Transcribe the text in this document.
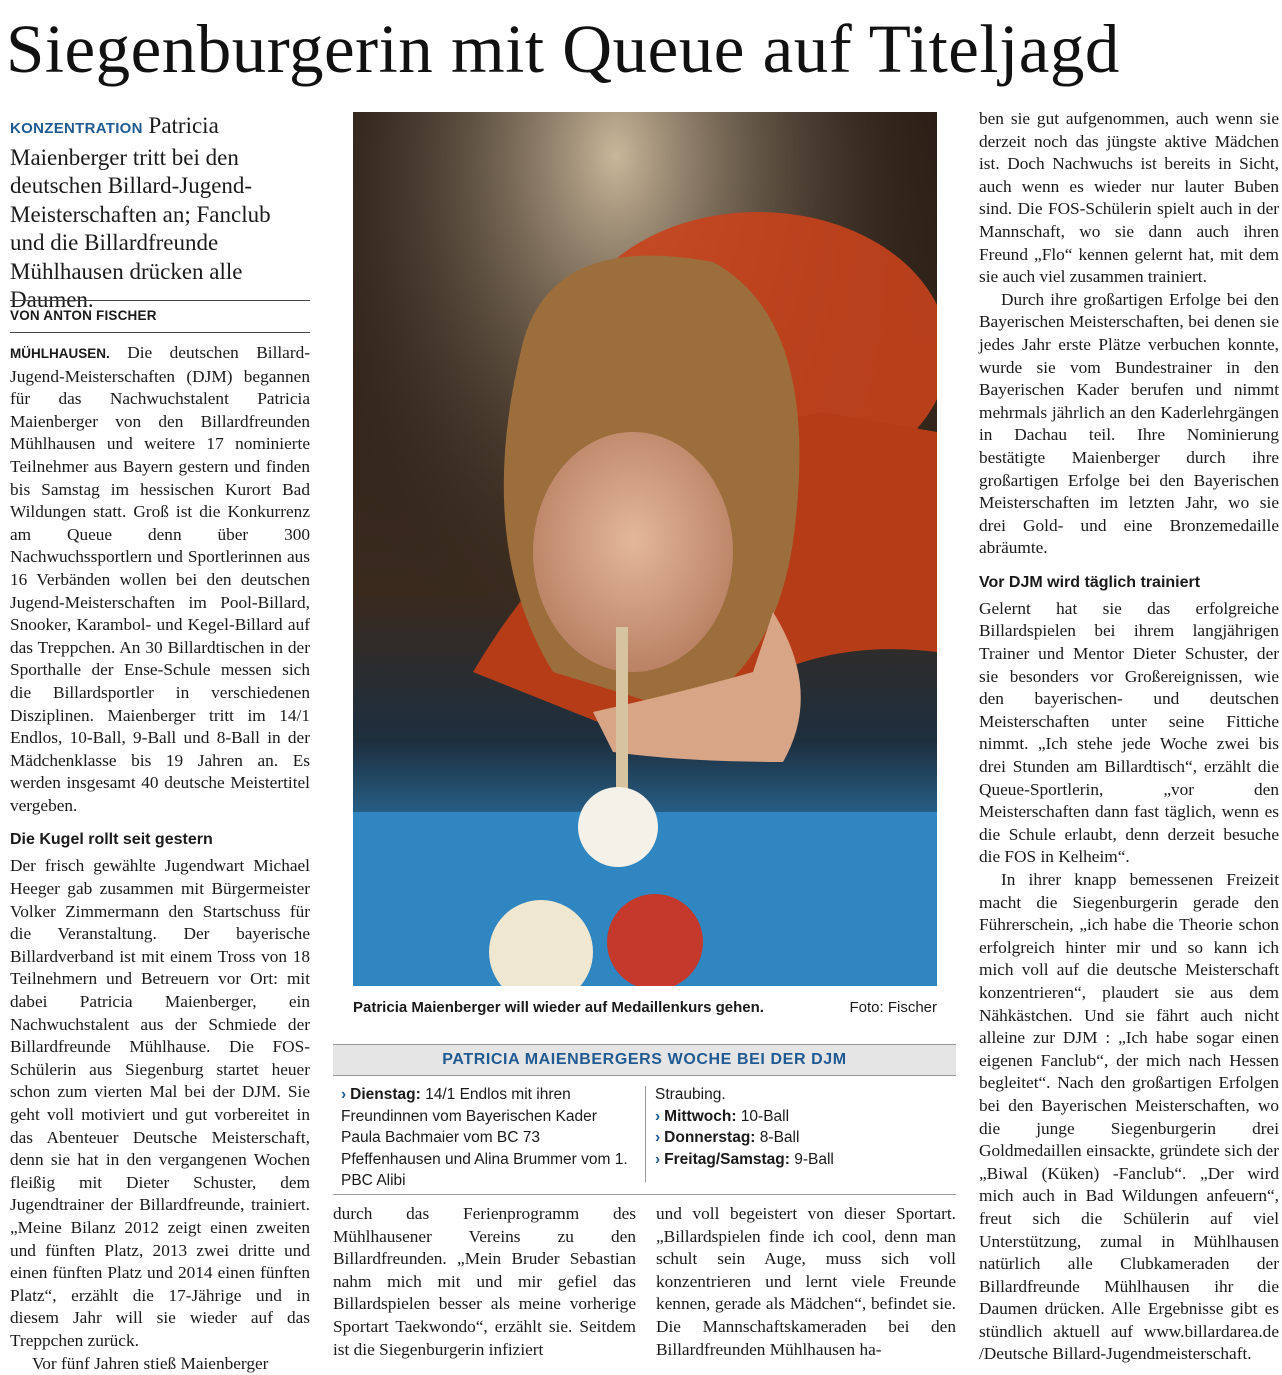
Siegenburgerin mit Queue auf Titeljagd
KONZENTRATION Patricia Maienberger tritt bei den deutschen Billard-Jugend-Meisterschaften an; Fanclub und die Billardfreunde Mühlhausen drücken alle Daumen.
VON ANTON FISCHER

MÜHLHAUSEN. Die deutschen Billard-Jugend-Meisterschaften (DJM) begannen für das Nachwuchstalent Patricia Maienberger von den Billardfreunden Mühlhausen und weitere 17 nominierte Teilnehmer aus Bayern gestern und finden bis Samstag im hessischen Kurort Bad Wildungen statt. Groß ist die Konkurrenz am Queue denn über 300 Nachwuchssportlern und Sportlerinnen aus 16 Verbänden wollen bei den deutschen Jugend-Meisterschaften im Pool-Billard, Snooker, Karambol- und Kegel-Billard auf das Treppchen. An 30 Billardtischen in der Sporthalle der Ense-Schule messen sich die Billardsportler in verschiedenen Disziplinen. Maienberger tritt im 14/1 Endlos, 10-Ball, 9-Ball und 8-Ball in der Mädchenklasse bis 19 Jahren an. Es werden insgesamt 40 deutsche Meistertitel vergeben.

Die Kugel rollt seit gestern

Der frisch gewählte Jugendwart Michael Heeger gab zusammen mit Bürgermeister Volker Zimmermann den Startschuss für die Veranstaltung. Der bayerische Billardverband ist mit einem Tross von 18 Teilnehmern und Betreuern vor Ort: mit dabei Patricia Maienberger, ein Nachwuchstalent aus der Schmiede der Billardfreunde Mühlhause. Die FOS-Schülerin aus Siegenburg startet heuer schon zum vierten Mal bei der DJM. Sie geht voll motiviert und gut vorbereitet in das Abenteuer Deutsche Meisterschaft, denn sie hat in den vergangenen Wochen fleißig mit Dieter Schuster, dem Jugendtrainer der Billardfreunde, trainiert. „Meine Bilanz 2012 zeigt einen zweiten und fünften Platz, 2013 zwei dritte und einen fünften Platz und 2014 einen fünften Platz“, erzählt die 17-Jährige und in diesem Jahr will sie wieder auf das Treppchen zurück.

Vor fünf Jahren stieß Maienberger

Patricia Maienberger will wieder auf Medaillenkurs gehen.	Foto: Fischer
PATRICIA MAIENBERGERS WOCHE BEI DER DJM
› Dienstag: 14/1 Endlos mit ihren Freundinnen vom Bayerischen Kader Paula Bachmaier vom BC 73 Pfeffenhausen und Alina Brummer vom 1. PBC Alibi
Straubing.
› Mittwoch: 10-Ball
› Donnerstag: 8-Ball
› Freitag/Samstag: 9-Ball

durch das Ferienprogramm des Mühlhausener Vereins zu den Billardfreunden. „Mein Bruder Sebastian nahm mich mit und mir gefiel das Billardspielen besser als meine vorherige Sportart Taekwondo“, erzählt sie. Seitdem ist die Siegenburgerin infiziert

und voll begeistert von dieser Sportart. „Billardspielen finde ich cool, denn man schult sein Auge, muss sich voll konzentrieren und lernt viele Freunde kennen, gerade als Mädchen“, befindet sie. Die Mannschaftskameraden bei den Billardfreunden Mühlhausen ha-

ben sie gut aufgenommen, auch wenn sie derzeit noch das jüngste aktive Mädchen ist. Doch Nachwuchs ist bereits in Sicht, auch wenn es wieder nur lauter Buben sind. Die FOS-Schülerin spielt auch in der Mannschaft, wo sie dann auch ihren Freund „Flo“ kennen gelernt hat, mit dem sie auch viel zusammen trainiert.

Durch ihre großartigen Erfolge bei den Bayerischen Meisterschaften, bei denen sie jedes Jahr erste Plätze verbuchen konnte, wurde sie vom Bundestrainer in den Bayerischen Kader berufen und nimmt mehrmals jährlich an den Kaderlehrgängen in Dachau teil. Ihre Nominierung bestätigte Maienberger durch ihre großartigen Erfolge bei den Bayerischen Meisterschaften im letzten Jahr, wo sie drei Gold- und eine Bronzemedaille abräumte.

Vor DJM wird täglich trainiert

Gelernt hat sie das erfolgreiche Billardspielen bei ihrem langjährigen Trainer und Mentor Dieter Schuster, der sie besonders vor Großereignissen, wie den bayerischen- und deutschen Meisterschaften unter seine Fittiche nimmt. „Ich stehe jede Woche zwei bis drei Stunden am Billardtisch“, erzählt die Queue-Sportlerin, „vor den Meisterschaften dann fast täglich, wenn es die Schule erlaubt, denn derzeit besuche die FOS in Kelheim“.

In ihrer knapp bemessenen Freizeit macht die Siegenburgerin gerade den Führerschein, „ich habe die Theorie schon erfolgreich hinter mir und so kann ich mich voll auf die deutsche Meisterschaft konzentrieren“, plaudert sie aus dem Nähkästchen. Und sie fährt auch nicht alleine zur DJM : „Ich habe sogar einen eigenen Fanclub“, der mich nach Hessen begleitet“. Nach den großartigen Erfolgen bei den Bayerischen Meisterschaften, wo die junge Siegenburgerin drei Goldmedaillen einsackte, gründete sich der „Biwal (Küken) -Fanclub“. „Der wird mich auch in Bad Wildungen anfeuern“, freut sich die Schülerin auf viel Unterstützung, zumal in Mühlhausen natürlich alle Clubkameraden der Billardfreunde Mühlhausen ihr die Daumen drücken. Alle Ergebnisse gibt es stündlich aktuell auf www.billardarea.de /Deutsche Billard-Jugendmeisterschaft.
